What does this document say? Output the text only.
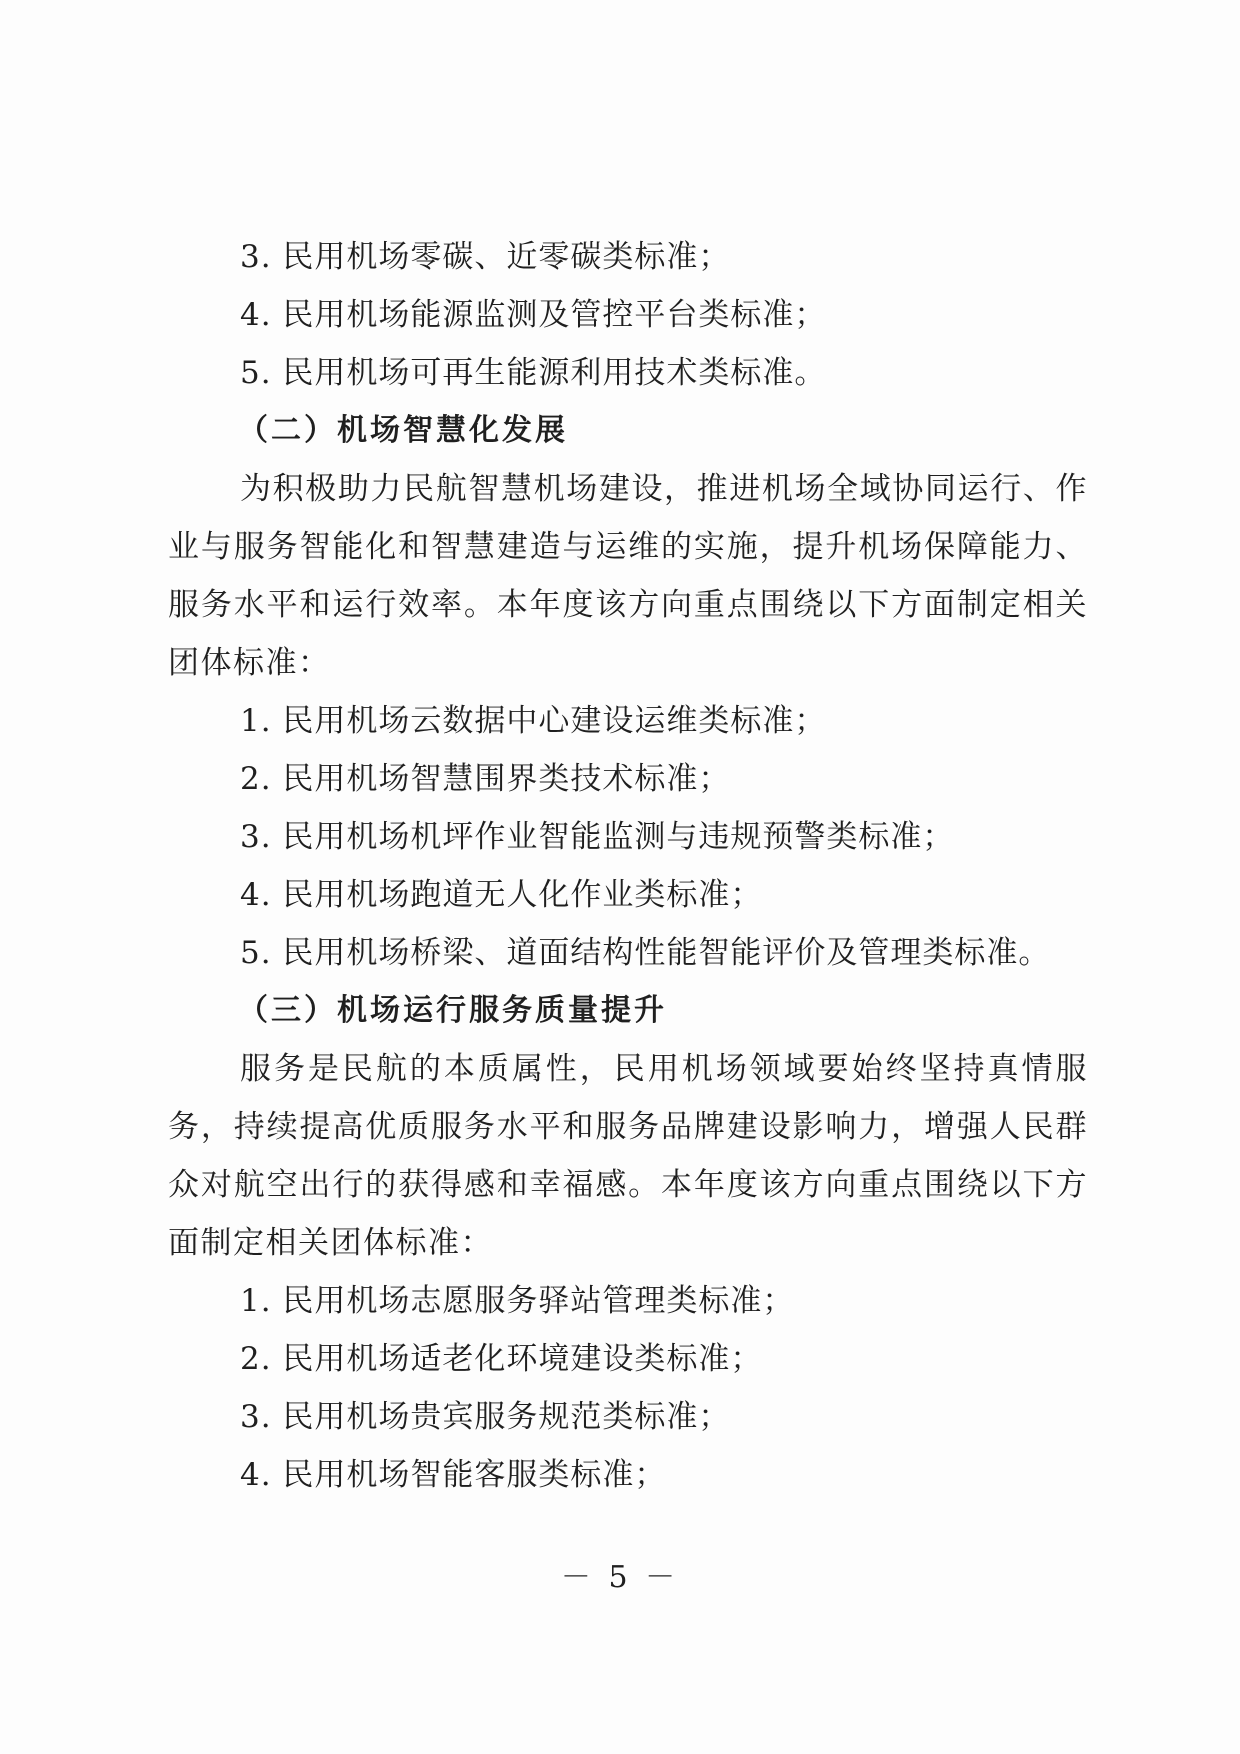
3. 民用机场零碳、近零碳类标准；
4. 民用机场能源监测及管控平台类标准；
5. 民用机场可再生能源利用技术类标准。
（二）机场智慧化发展

为积极助力民航智慧机场建设，推进机场全域协同运行、作业与服务智能化和智慧建造与运维的实施，提升机场保障能力、服务水平和运行效率。本年度该方向重点围绕以下方面制定相关团体标准：

1. 民用机场云数据中心建设运维类标准；
2. 民用机场智慧围界类技术标准；
3. 民用机场机坪作业智能监测与违规预警类标准；
4. 民用机场跑道无人化作业类标准；
5. 民用机场桥梁、道面结构性能智能评价及管理类标准。
（三）机场运行服务质量提升

服务是民航的本质属性，民用机场领域要始终坚持真情服务，持续提高优质服务水平和服务品牌建设影响力，增强人民群众对航空出行的获得感和幸福感。本年度该方向重点围绕以下方面制定相关团体标准：

1. 民用机场志愿服务驿站管理类标准；
2. 民用机场适老化环境建设类标准；
3. 民用机场贵宾服务规范类标准；
4. 民用机场智能客服类标准；
－ 5 －
